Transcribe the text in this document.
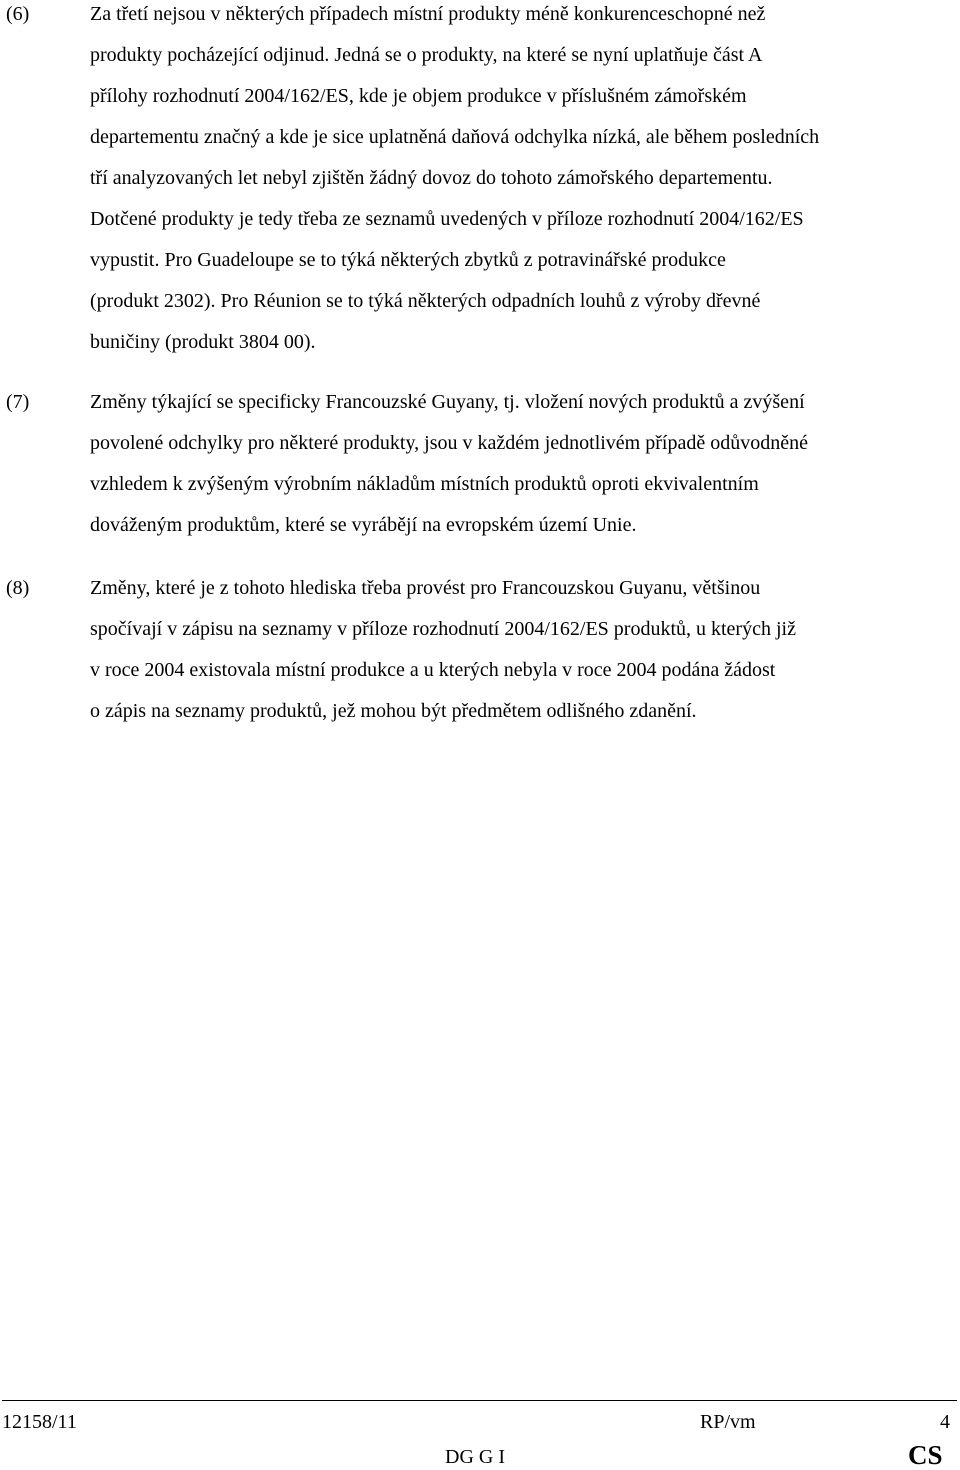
(6)	Za třetí nejsou v některých případech místní produkty méně konkurenceschopné než
produkty pocházející odjinud. Jedná se o produkty, na které se nyní uplatňuje část A
přílohy rozhodnutí 2004/162/ES, kde je objem produkce v příslušném zámořském
departementu značný a kde je sice uplatněná daňová odchylka nízká, ale během posledních
tří analyzovaných let nebyl zjištěn žádný dovoz do tohoto zámořského departementu.
Dotčené produkty je tedy třeba ze seznamů uvedených v příloze rozhodnutí 2004/162/ES
vypustit. Pro Guadeloupe se to týká některých zbytků z potravinářské produkce
(produkt 2302). Pro Réunion se to týká některých odpadních louhů z výroby dřevné
buničiny (produkt 3804 00).
(7)	Změny týkající se specificky Francouzské Guyany, tj. vložení nových produktů a zvýšení
povolené odchylky pro některé produkty, jsou v každém jednotlivém případě odůvodněné
vzhledem k zvýšeným výrobním nákladům místních produktů oproti ekvivalentním
dováženým produktům, které se vyrábějí na evropském území Unie.
(8)	Změny, které je z tohoto hlediska třeba provést pro Francouzskou Guyanu, většinou
spočívají v zápisu na seznamy v příloze rozhodnutí 2004/162/ES produktů, u kterých již
v roce 2004 existovala místní produkce a u kterých nebyla v roce 2004 podána žádost
o zápis na seznamy produktů, jež mohou být předmětem odlišného zdanění.
12158/11	RP/vm	4
DG G I	CS
